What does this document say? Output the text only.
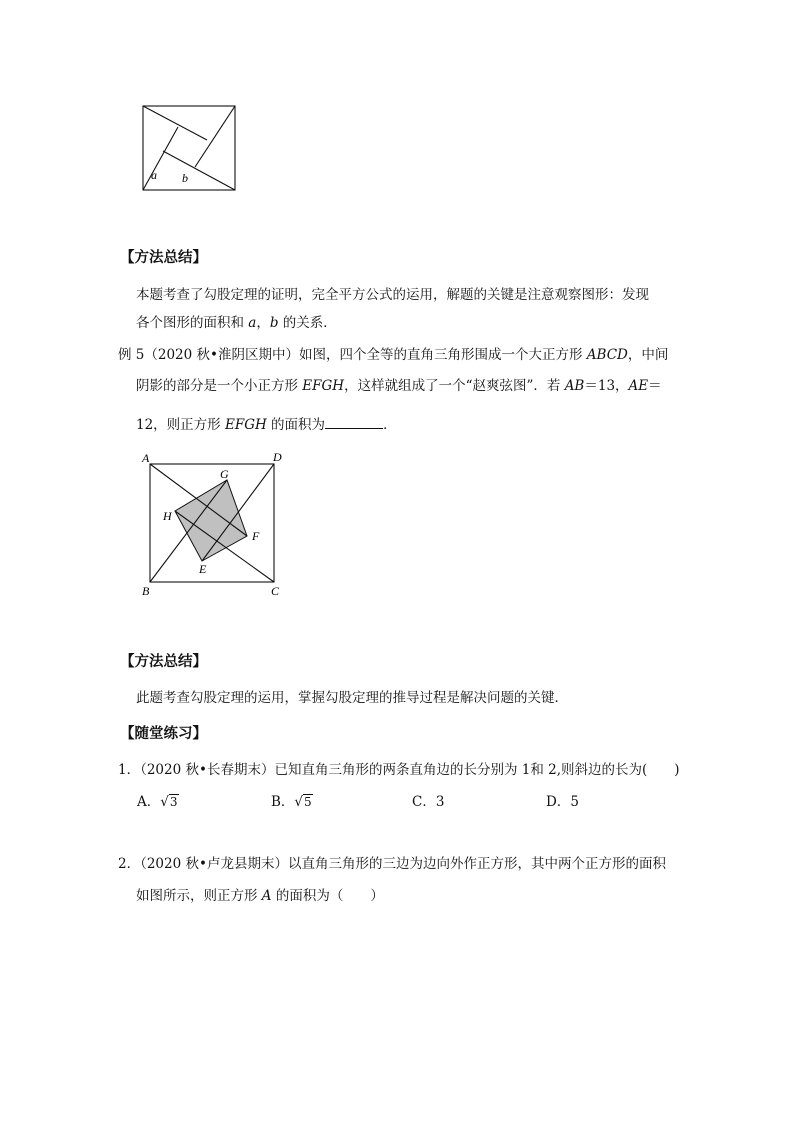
a b
【方法总结】
本题考查了勾股定理的证明，完全平方公式的运用，解题的关键是注意观察图形：发现
各个图形的面积和 a，b 的关系．
例 5（2020 秋•淮阴区期中）如图，四个全等的直角三角形围成一个大正方形 ABCD，中间
阴影的部分是一个小正方形 EFGH，这样就组成了一个“赵爽弦图”．若 AB＝13，AE＝
12，则正方形 EFGH 的面积为	．
A	D
B	C
G
H
F
E
【方法总结】
此题考查勾股定理的运用，掌握勾股定理的推导过程是解决问题的关键．
【随堂练习】
1．（2020 秋•长春期末）已知直角三角形的两条直角边的长分别为 1和 2,则斜边的长为(　　)
A．√3	B．√5	C．3	D．5
2．（2020 秋•卢龙县期末）以直角三角形的三边为边向外作正方形，其中两个正方形的面积
如图所示，则正方形 A 的面积为（　　）
